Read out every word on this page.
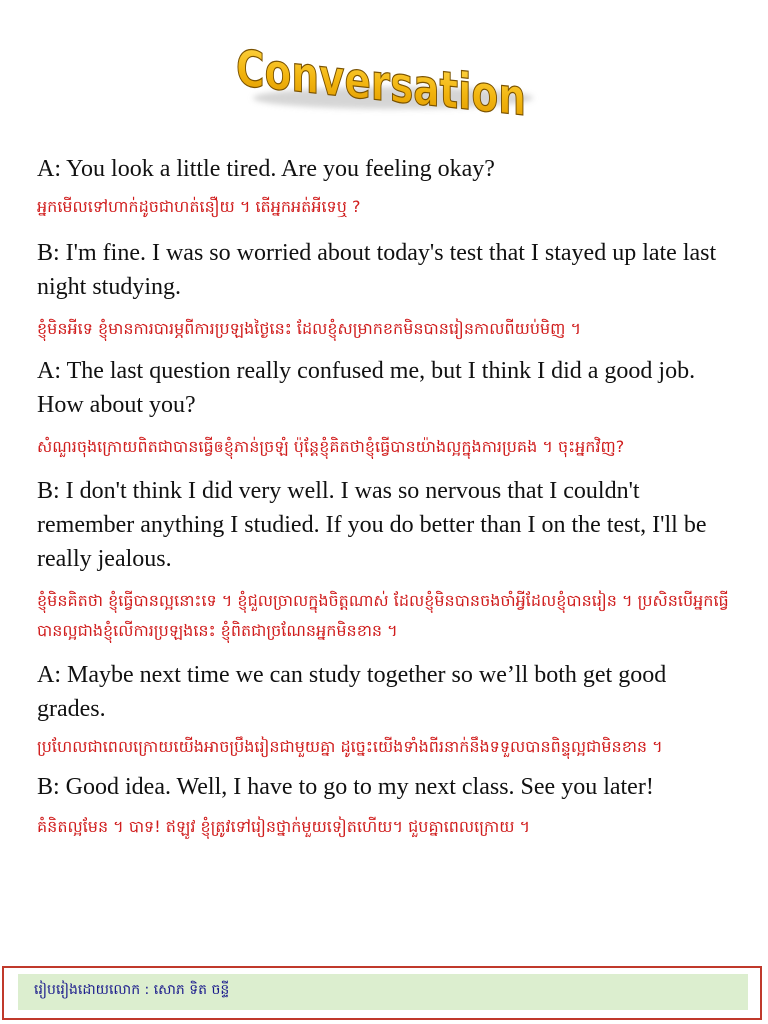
Conversation

A: You look a little tired. Are you feeling okay?

អ្នកមើលទៅហាក់ដូចជាហត់នឿយ ។ តើអ្នកអត់អីទេឬ ?

B: I'm fine. I was so worried about today's test that I stayed up late last night studying.

ខ្ញុំមិនអីទេ ខ្ញុំមានការបារម្ភពីការប្រឡងថ្ងៃនេះ ដែលខ្ញុំសម្រាកខកមិនបានរៀនកាលពីយប់មិញ ។

A: The last question really confused me, but I think I did a good job. How about you?

សំណួរចុងក្រោយពិតជាបានធ្វើឲខ្ញុំភាន់ច្រឡំ ប៉ុន្តែខ្ញុំគិតថាខ្ញុំធ្វើបានយ៉ាងល្អក្នុងការប្រគង ។ ចុះអ្នកវិញ?

B: I don't think I did very well. I was so nervous that I couldn't remember anything I studied. If you do better than I on the test, I'll be really jealous.

ខ្ញុំមិនគិតថា ខ្ញុំធ្វើបានល្អនោះទេ ។ ខ្ញុំជួលច្រាលក្នុងចិត្តណាស់ ដែលខ្ញុំមិនបានចងចាំអ្វីដែលខ្ញុំបានរៀន ។ ប្រសិនបើអ្នកធ្វើបានល្អជាងខ្ញុំលើការប្រឡងនេះ ខ្ញុំពិតជាច្រណែនអ្នកមិនខាន ។

A: Maybe next time we can study together so we’ll both get good grades.

ប្រហែលជាពេលក្រោយយើងអាចប្រឹងរៀនជាមួយគ្នា ដូច្នេះយើងទាំងពីរនាក់នឹងទទួលបានពិន្ទុល្អជាមិនខាន ។

B: Good idea. Well, I have to go to my next class. See you later!

គំនិតល្អមែន ។ បាទ! ឥឡូវ ខ្ញុំត្រូវទៅរៀនថ្នាក់មួយទៀតហើយ។ ជួបគ្នាពេលក្រោយ ។

រៀបរៀងដោយលោក : សោភ ទិត ចន្ទី
